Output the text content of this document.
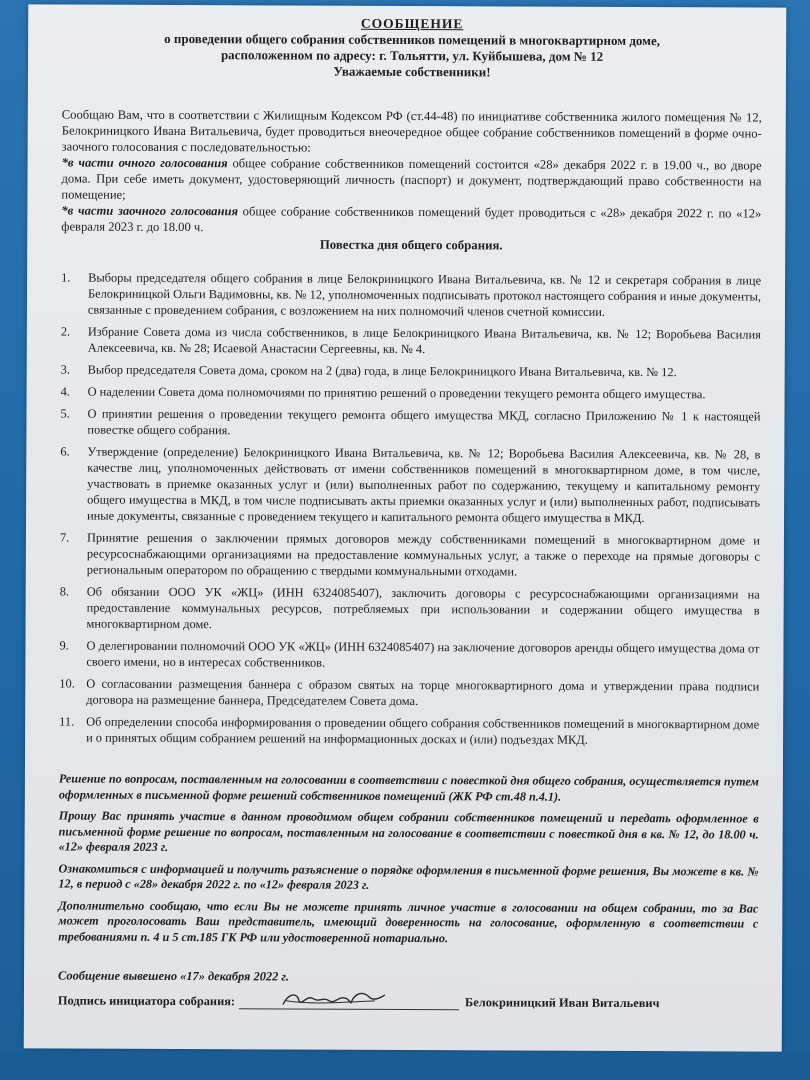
СООБЩЕНИЕ
о проведении общего собрания собственников помещений в многоквартирном доме,
расположенном по адресу: г. Тольятти, ул. Куйбышева, дом № 12
Уважаемые собственники!

Сообщаю Вам, что в соответствии с Жилищным Кодексом РФ (ст.44-48) по инициативе собственника жилого помещения № 12, Белокриницкого Ивана Витальевича, будет проводиться внеочередное общее собрание собственников помещений в форме очно-заочного голосования с последовательностью:

*в части очного голосования общее собрание собственников помещений состоится «28» декабря 2022 г. в 19.00 ч., во дворе дома. При себе иметь документ, удостоверяющий личность (паспорт) и документ, подтверждающий право собственности на помещение;

*в части заочного голосования общее собрание собственников помещений будет проводиться с «28» декабря 2022 г. по «12» февраля 2023 г. до 18.00 ч.

Повестка дня общего собрания.
1.	Выборы председателя общего собрания в лице Белокриницкого Ивана Витальевича, кв. № 12 и секретаря собрания в лице Белокриницкой Ольги Вадимовны, кв. № 12, уполномоченных подписывать протокол настоящего собрания и иные документы, связанные с проведением собрания, с возложением на них полномочий членов счетной комиссии.
2.	Избрание Совета дома из числа собственников, в лице Белокриницкого Ивана Витальевича, кв. № 12; Воробьева Василия Алексеевича, кв. № 28; Исаевой Анастасии Сергеевны, кв. № 4.
3.	Выбор председателя Совета дома, сроком на 2 (два) года, в лице Белокриницкого Ивана Витальевича, кв. № 12.
4.	О наделении Совета дома полномочиями по принятию решений о проведении текущего ремонта общего имущества.
5.	О принятии решения о проведении текущего ремонта общего имущества МКД, согласно Приложению № 1 к настоящей повестке общего собрания.
6.	Утверждение (определение) Белокриницкого Ивана Витальевича, кв. № 12; Воробьева Василия Алексеевича, кв. № 28, в качестве лиц, уполномоченных действовать от имени собственников помещений в многоквартирном доме, в том числе, участвовать в приемке оказанных услуг и (или) выполненных работ по содержанию, текущему и капитальному ремонту общего имущества в МКД, в том числе подписывать акты приемки оказанных услуг и (или) выполненных работ, подписывать иные документы, связанные с проведением текущего и капитального ремонта общего имущества в МКД.
7.	Принятие решения о заключении прямых договоров между собственниками помещений в многоквартирном доме и ресурсоснабжающими организациями на предоставление коммунальных услуг, а также о переходе на прямые договоры с региональным оператором по обращению с твердыми коммунальными отходами.
8.	Об обязании ООО УК «ЖЦ» (ИНН 6324085407), заключить договоры с ресурсоснабжающими организациями на предоставление коммунальных ресурсов, потребляемых при использовании и содержании общего имущества в многоквартирном доме.
9.	О делегировании полномочий ООО УК «ЖЦ» (ИНН 6324085407) на заключение договоров аренды общего имущества дома от своего имени, но в интересах собственников.
10. О согласовании размещения баннера с образом святых на торце многоквартирного дома и утверждении права подписи договора на размещение баннера, Председателем Совета дома.
11. Об определении способа информирования о проведении общего собрания собственников помещений в многоквартирном доме и о принятых общим собранием решений на информационных досках и (или) подъездах МКД.

Решение по вопросам, поставленным на голосовании в соответствии с повесткой дня общего собрания, осуществляется путем оформленных в письменной форме решений собственников помещений (ЖК РФ ст.48 п.4.1).

Прошу Вас принять участие в данном проводимом общем собрании собственников помещений и передать оформленное в письменной форме решение по вопросам, поставленным на голосование в соответствии с повесткой дня в кв. № 12, до 18.00 ч. «12» февраля 2023 г.

Ознакомиться с информацией и получить разъяснение о порядке оформления в письменной форме решения, Вы можете в кв. № 12, в период с «28» декабря 2022 г. по «12» февраля 2023 г.

Дополнительно сообщаю, что если Вы не можете принять личное участие в голосовании на общем собрании, то за Вас может проголосовать Ваш представитель, имеющий доверенность на голосование, оформленную в соответствии с требованиями п. 4 и 5 ст.185 ГК РФ или удостоверенной нотариально.

Сообщение вывешено «17» декабря 2022 г.
Подпись инициатора собрания:	Белокриницкий Иван Витальевич
